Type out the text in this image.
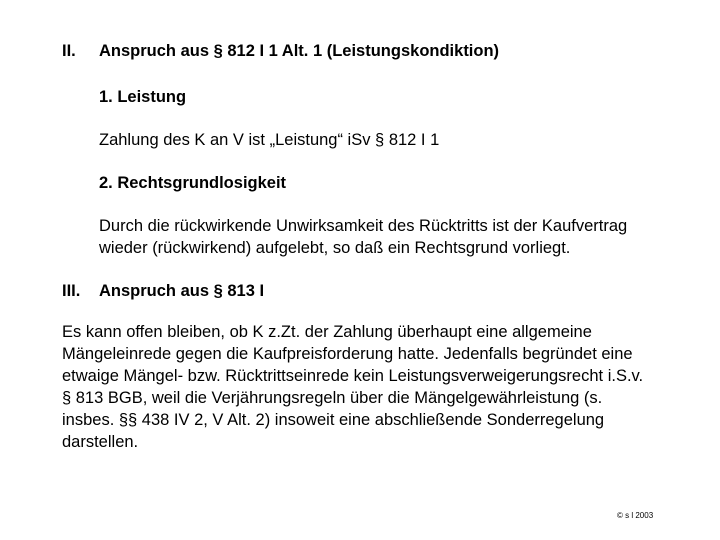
II. Anspruch aus § 812 I 1 Alt. 1 (Leistungskondiktion)
1. Leistung
Zahlung des K an V ist „Leistung“ iSv § 812 I 1
2. Rechtsgrundlosigkeit
Durch die rückwirkende Unwirksamkeit des Rücktritts ist der Kaufvertrag
wieder (rückwirkend) aufgelebt, so daß ein Rechtsgrund vorliegt.
III. Anspruch aus § 813 I
Es kann offen bleiben, ob K z.Zt. der Zahlung überhaupt eine allgemeine
Mängeleinrede gegen die Kaufpreisforderung hatte. Jedenfalls begründet eine
etwaige Mängel- bzw. Rücktrittseinrede kein Leistungsverweigerungsrecht i.S.v.
§ 813 BGB, weil die Verjährungsregeln über die Mängelgewährleistung (s.
insbes. §§ 438 IV 2, V Alt. 2) insoweit eine abschließende Sonderregelung
darstellen.
© s l 2003
